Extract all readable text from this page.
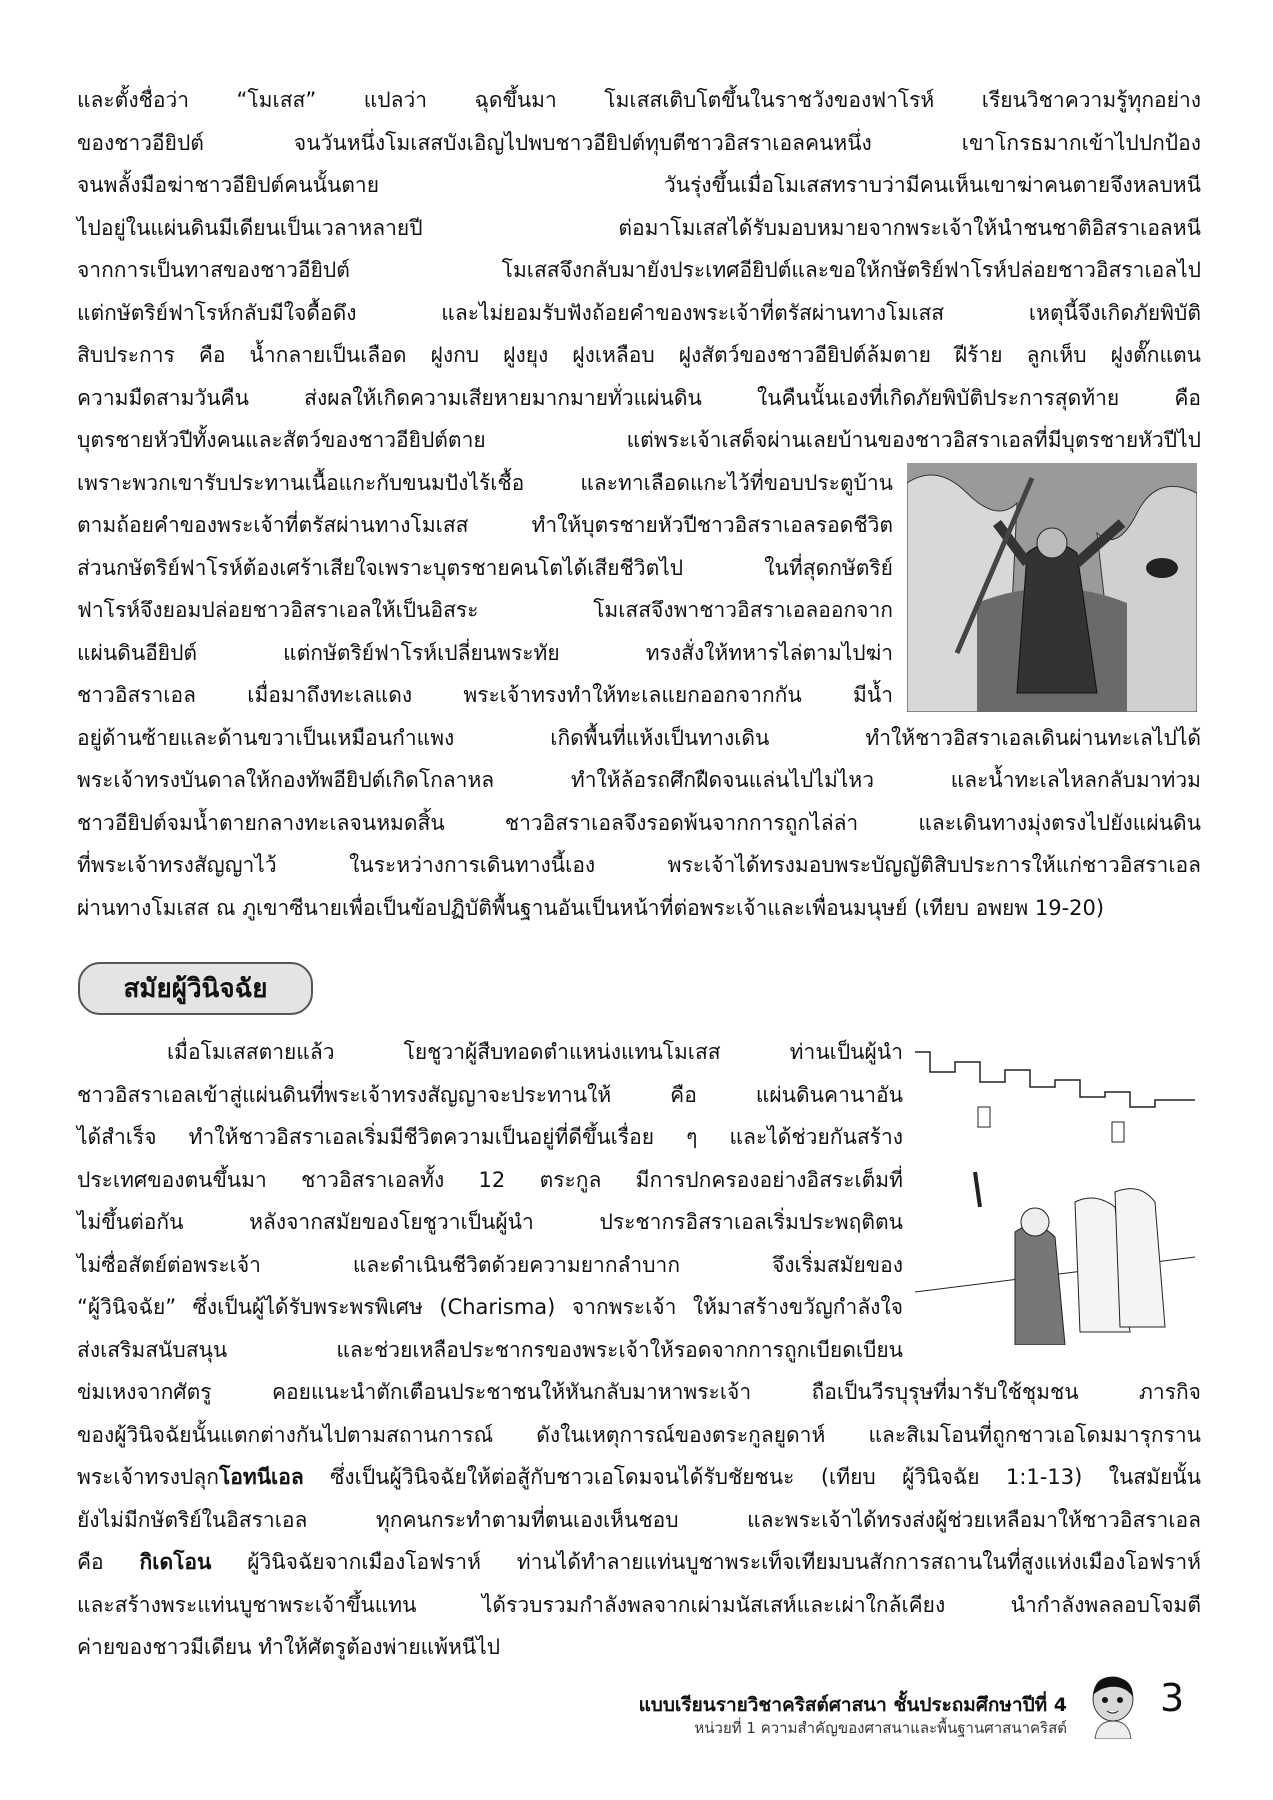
และตั้งชื่อว่า “โมเสส” แปลว่า ฉุดขึ้นมา โมเสสเติบโตขึ้นในราชวังของฟาโรห์ เรียนวิชาความรู้ทุกอย่าง
ของชาวอียิปต์ จนวันหนึ่งโมเสสบังเอิญไปพบชาวอียิปต์ทุบตีชาวอิสราเอลคนหนึ่ง เขาโกรธมากเข้าไปปกป้อง
จนพลั้งมือฆ่าชาวอียิปต์คนนั้นตาย วันรุ่งขึ้นเมื่อโมเสสทราบว่ามีคนเห็นเขาฆ่าคนตายจึงหลบหนี
ไปอยู่ในแผ่นดินมีเดียนเป็นเวลาหลายปี ต่อมาโมเสสได้รับมอบหมายจากพระเจ้าให้นำชนชาติอิสราเอลหนี
จากการเป็นทาสของชาวอียิปต์ โมเสสจึงกลับมายังประเทศอียิปต์และขอให้กษัตริย์ฟาโรห์ปล่อยชาวอิสราเอลไป
แต่กษัตริย์ฟาโรห์กลับมีใจดื้อดึง และไม่ยอมรับฟังถ้อยคำของพระเจ้าที่ตรัสผ่านทางโมเสส เหตุนี้จึงเกิดภัยพิบัติ
สิบประการ คือ น้ำกลายเป็นเลือด ฝูงกบ ฝูงยุง ฝูงเหลือบ ฝูงสัตว์ของชาวอียิปต์ล้มตาย ฝีร้าย ลูกเห็บ ฝูงตั๊กแตน
ความมืดสามวันคืน ส่งผลให้เกิดความเสียหายมากมายทั่วแผ่นดิน ในคืนนั้นเองที่เกิดภัยพิบัติประการสุดท้าย คือ
บุตรชายหัวปีทั้งคนและสัตว์ของชาวอียิปต์ตาย แต่พระเจ้าเสด็จผ่านเลยบ้านของชาวอิสราเอลที่มีบุตรชายหัวปีไป
เพราะพวกเขารับประทานเนื้อแกะกับขนมปังไร้เชื้อ และทาเลือดแกะไว้ที่ขอบประตูบ้าน
ตามถ้อยคำของพระเจ้าที่ตรัสผ่านทางโมเสส ทำให้บุตรชายหัวปีชาวอิสราเอลรอดชีวิต
ส่วนกษัตริย์ฟาโรห์ต้องเศร้าเสียใจเพราะบุตรชายคนโตได้เสียชีวิตไป ในที่สุดกษัตริย์
ฟาโรห์จึงยอมปล่อยชาวอิสราเอลให้เป็นอิสระ โมเสสจึงพาชาวอิสราเอลออกจาก
แผ่นดินอียิปต์ แต่กษัตริย์ฟาโรห์เปลี่ยนพระทัย ทรงสั่งให้ทหารไล่ตามไปฆ่า
ชาวอิสราเอล เมื่อมาถึงทะเลแดง พระเจ้าทรงทำให้ทะเลแยกออกจากกัน มีน้ำ
อยู่ด้านซ้ายและด้านขวาเป็นเหมือนกำแพง เกิดพื้นที่แห้งเป็นทางเดิน ทำให้ชาวอิสราเอลเดินผ่านทะเลไปได้
พระเจ้าทรงบันดาลให้กองทัพอียิปต์เกิดโกลาหล ทำให้ล้อรถศึกฝืดจนแล่นไปไม่ไหว และน้ำทะเลไหลกลับมาท่วม
ชาวอียิปต์จมน้ำตายกลางทะเลจนหมดสิ้น ชาวอิสราเอลจึงรอดพ้นจากการถูกไล่ล่า และเดินทางมุ่งตรงไปยังแผ่นดิน
ที่พระเจ้าทรงสัญญาไว้ ในระหว่างการเดินทางนี้เอง พระเจ้าได้ทรงมอบพระบัญญัติสิบประการให้แก่ชาวอิสราเอล
ผ่านทางโมเสส ณ ภูเขาซีนายเพื่อเป็นข้อปฏิบัติพื้นฐานอันเป็นหน้าที่ต่อพระเจ้าและเพื่อนมนุษย์ (เทียบ อพยพ 19-20)
สมัยผู้วินิจฉัย
เมื่อโมเสสตายแล้ว โยชูวาผู้สืบทอดตำแหน่งแทนโมเสส ท่านเป็นผู้นำ
ชาวอิสราเอลเข้าสู่แผ่นดินที่พระเจ้าทรงสัญญาจะประทานให้ คือ แผ่นดินคานาอัน
ได้สำเร็จ ทำให้ชาวอิสราเอลเริ่มมีชีวิตความเป็นอยู่ที่ดีขึ้นเรื่อย ๆ และได้ช่วยกันสร้าง
ประเทศของตนขึ้นมา ชาวอิสราเอลทั้ง 12 ตระกูล มีการปกครองอย่างอิสระเต็มที่
ไม่ขึ้นต่อกัน หลังจากสมัยของโยชูวาเป็นผู้นำ ประชากรอิสราเอลเริ่มประพฤติตน
ไม่ซื่อสัตย์ต่อพระเจ้า และดำเนินชีวิตด้วยความยากลำบาก จึงเริ่มสมัยของ
“ผู้วินิจฉัย” ซึ่งเป็นผู้ได้รับพระพรพิเศษ (Charisma) จากพระเจ้า ให้มาสร้างขวัญกำลังใจ
ส่งเสริมสนับสนุน และช่วยเหลือประชากรของพระเจ้าให้รอดจากการถูกเบียดเบียน
ข่มเหงจากศัตรู คอยแนะนำตักเตือนประชาชนให้หันกลับมาหาพระเจ้า ถือเป็นวีรบุรุษที่มารับใช้ชุมชน ภารกิจ
ของผู้วินิจฉัยนั้นแตกต่างกันไปตามสถานการณ์ ดังในเหตุการณ์ของตระกูลยูดาห์ และสิเมโอนที่ถูกชาวเอโดมมารุกราน
พระเจ้าทรงปลุกโอทนีเอล ซึ่งเป็นผู้วินิจฉัยให้ต่อสู้กับชาวเอโดมจนได้รับชัยชนะ (เทียบ ผู้วินิจฉัย 1:1-13) ในสมัยนั้น
ยังไม่มีกษัตริย์ในอิสราเอล ทุกคนกระทำตามที่ตนเองเห็นชอบ และพระเจ้าได้ทรงส่งผู้ช่วยเหลือมาให้ชาวอิสราเอล
คือ กิเดโอน ผู้วินิจฉัยจากเมืองโอฟราห์ ท่านได้ทำลายแท่นบูชาพระเท็จเทียมบนสักการสถานในที่สูงแห่งเมืองโอฟราห์
และสร้างพระแท่นบูชาพระเจ้าขึ้นแทน ได้รวบรวมกำลังพลจากเผ่ามนัสเสห์และเผ่าใกล้เคียง นำกำลังพลลอบโจมตี
ค่ายของชาวมีเดียน ทำให้ศัตรูต้องพ่ายแพ้หนีไป
แบบเรียนรายวิชาคริสต์ศาสนา ชั้นประถมศึกษาปีที่ 4
หน่วยที่ 1 ความสำคัญของศาสนาและพื้นฐานศาสนาคริสต์
3
